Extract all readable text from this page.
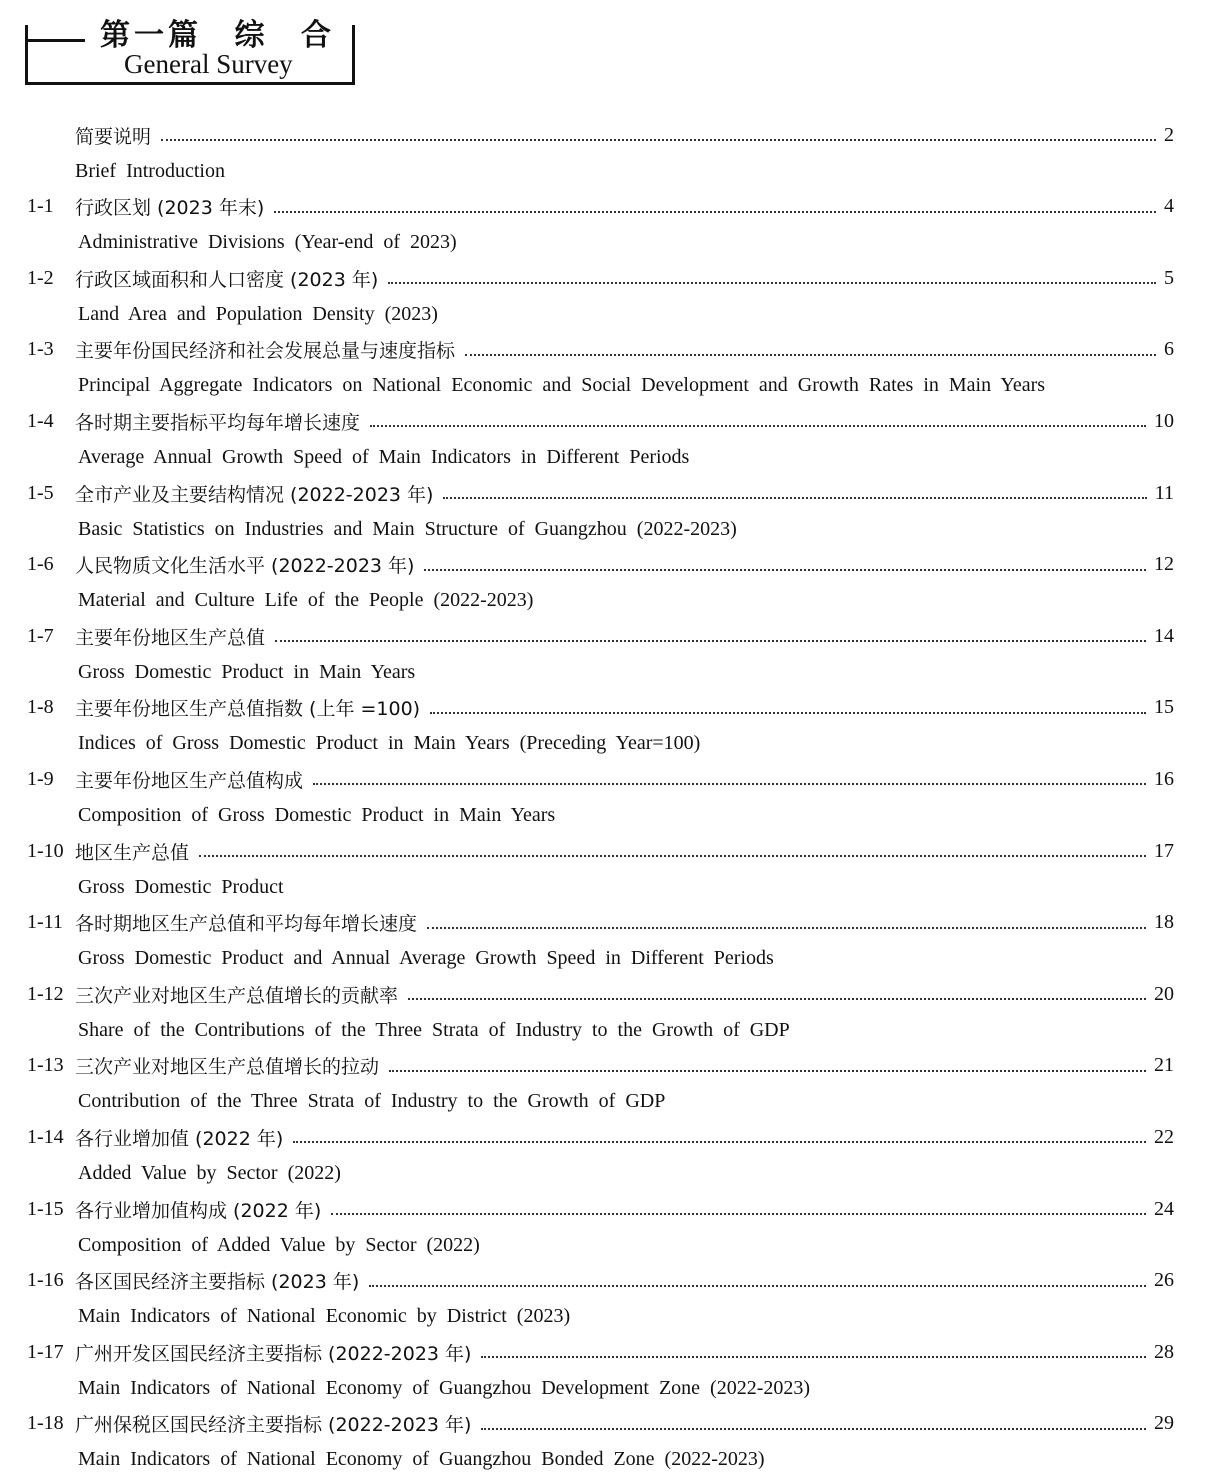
第一篇 综 合
General Survey
简要说明	2
Brief Introduction
1-1	行政区划 (2023 年末)	4
Administrative Divisions (Year-end of 2023)
1-2	行政区域面积和人口密度 (2023 年)	5
Land Area and Population Density (2023)
1-3	主要年份国民经济和社会发展总量与速度指标	6
Principal Aggregate Indicators on National Economic and Social Development and Growth Rates in Main Years
1-4	各时期主要指标平均每年增长速度	10
Average Annual Growth Speed of Main Indicators in Different Periods
1-5	全市产业及主要结构情况 (2022-2023 年)	11
Basic Statistics on Industries and Main Structure of Guangzhou (2022-2023)
1-6	人民物质文化生活水平 (2022-2023 年)	12
Material and Culture Life of the People (2022-2023)
1-7	主要年份地区生产总值	14
Gross Domestic Product in Main Years
1-8	主要年份地区生产总值指数 (上年 =100)	15
Indices of Gross Domestic Product in Main Years (Preceding Year=100)
1-9	主要年份地区生产总值构成	16
Composition of Gross Domestic Product in Main Years
1-10 地区生产总值	17
Gross Domestic Product
1-11 各时期地区生产总值和平均每年增长速度	18
Gross Domestic Product and Annual Average Growth Speed in Different Periods
1-12 三次产业对地区生产总值增长的贡献率	20
Share of the Contributions of the Three Strata of Industry to the Growth of GDP
1-13 三次产业对地区生产总值增长的拉动	21
Contribution of the Three Strata of Industry to the Growth of GDP
1-14 各行业增加值 (2022 年)	22
Added Value by Sector (2022)
1-15 各行业增加值构成 (2022 年)	24
Composition of Added Value by Sector (2022)
1-16 各区国民经济主要指标 (2023 年)	26
Main Indicators of National Economic by District (2023)
1-17 广州开发区国民经济主要指标 (2022-2023 年)	28
Main Indicators of National Economy of Guangzhou Development Zone (2022-2023)
1-18 广州保税区国民经济主要指标 (2022-2023 年)	29
Main Indicators of National Economy of Guangzhou Bonded Zone (2022-2023)
